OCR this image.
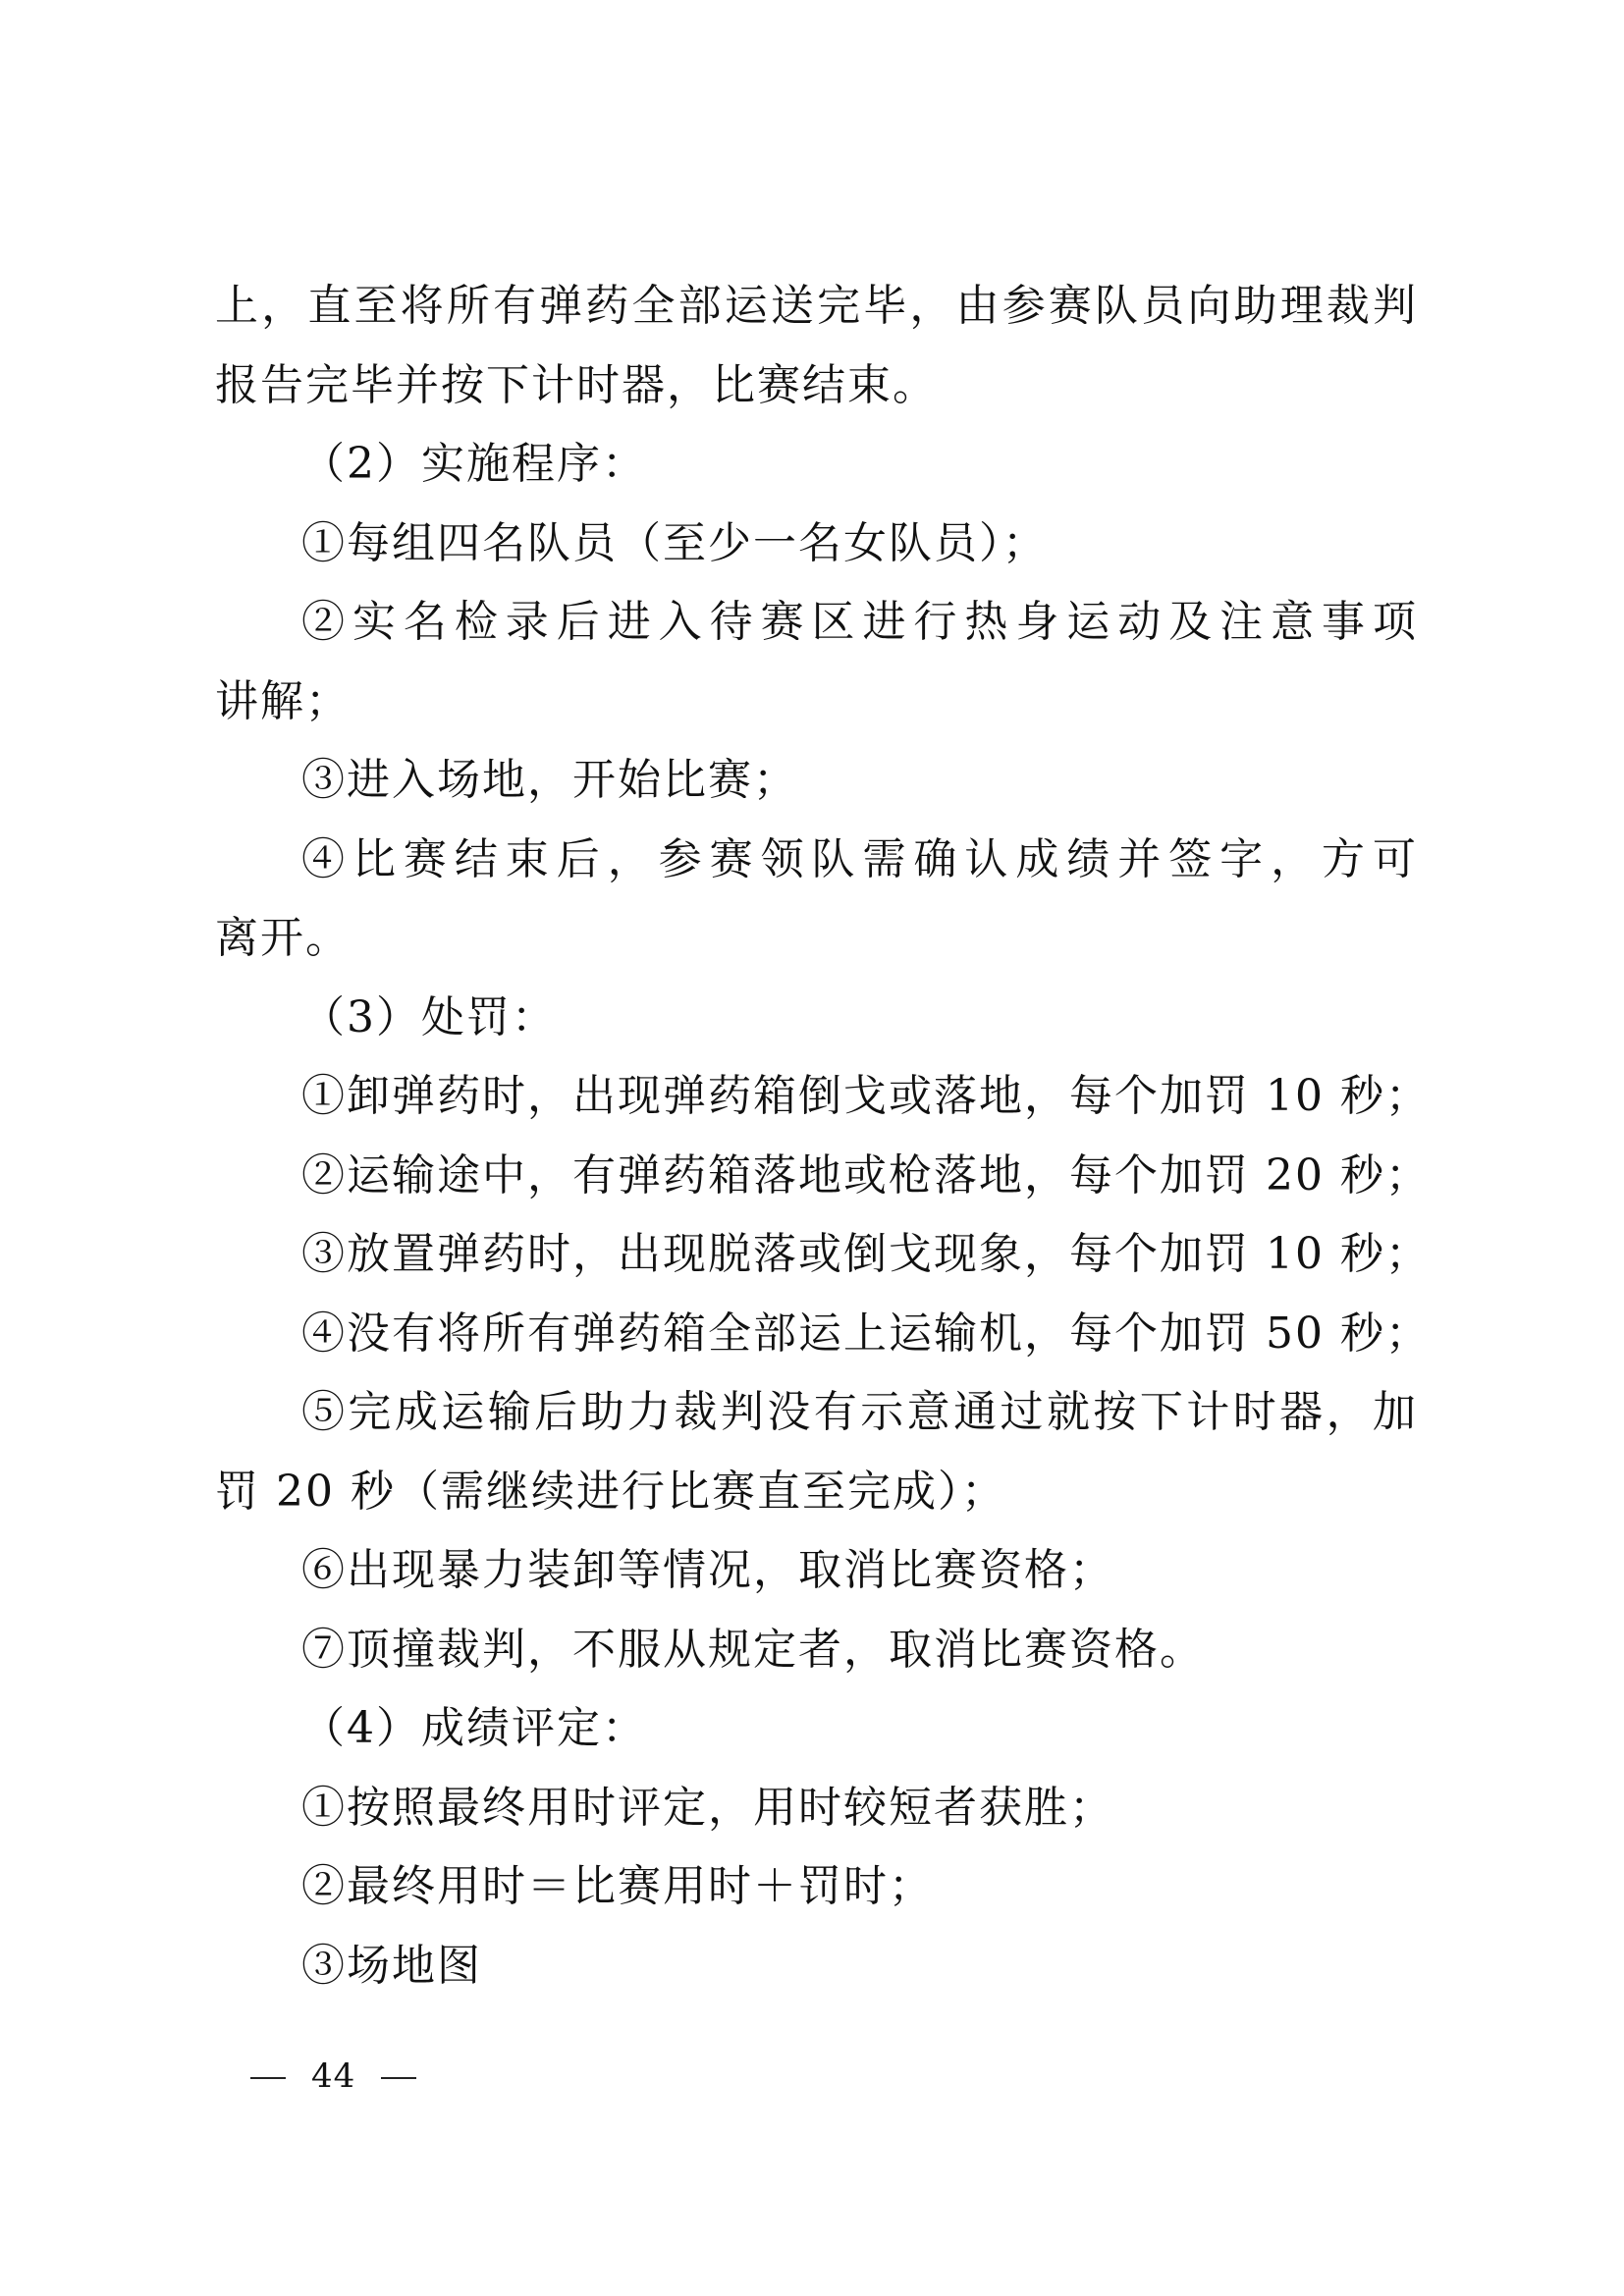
上，直至将所有弹药全部运送完毕，由参赛队员向助理裁判
报告完毕并按下计时器，比赛结束。
（2）实施程序：
①每组四名队员（至少一名女队员）；
②实名检录后进入待赛区进行热身运动及注意事项
讲解；
③进入场地，开始比赛；
④比赛结束后，参赛领队需确认成绩并签字，方可
离开。
（3）处罚：
①卸弹药时，出现弹药箱倒戈或落地，每个加罚 10 秒；
②运输途中，有弹药箱落地或枪落地，每个加罚 20 秒；
③放置弹药时，出现脱落或倒戈现象，每个加罚 10 秒；
④没有将所有弹药箱全部运上运输机，每个加罚 50 秒；
⑤完成运输后助力裁判没有示意通过就按下计时器，加
罚 20 秒（需继续进行比赛直至完成）；
⑥出现暴力装卸等情况，取消比赛资格；
⑦顶撞裁判，不服从规定者，取消比赛资格。
（4）成绩评定：
①按照最终用时评定，用时较短者获胜；
②最终用时＝比赛用时＋罚时；
③场地图
44
